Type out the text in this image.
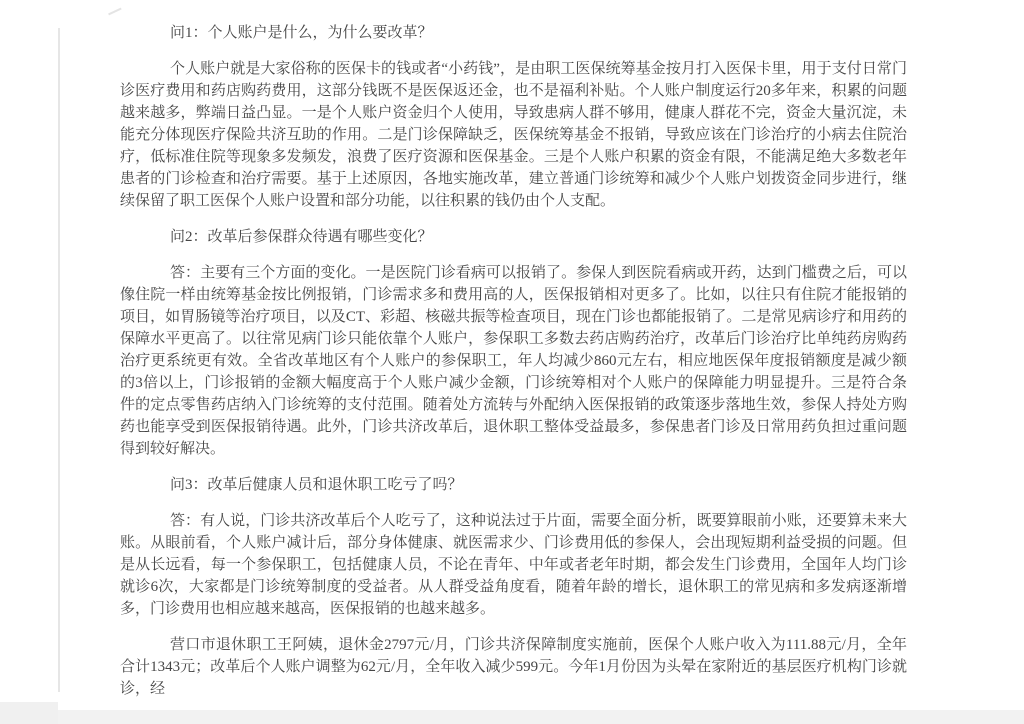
问1：个人账户是什么，为什么要改革？

个人账户就是大家俗称的医保卡的钱或者“小药钱”，是由职工医保统筹基金按月打入医保卡里，用于支付日常门诊医疗费用和药店购药费用，这部分钱既不是医保返还金，也不是福利补贴。个人账户制度运行20多年来，积累的问题越来越多，弊端日益凸显。一是个人账户资金归个人使用，导致患病人群不够用，健康人群花不完，资金大量沉淀，未能充分体现医疗保险共济互助的作用。二是门诊保障缺乏，医保统筹基金不报销，导致应该在门诊治疗的小病去住院治疗，低标准住院等现象多发频发，浪费了医疗资源和医保基金。三是个人账户积累的资金有限，不能满足绝大多数老年患者的门诊检查和治疗需要。基于上述原因，各地实施改革，建立普通门诊统筹和减少个人账户划拨资金同步进行，继续保留了职工医保个人账户设置和部分功能，以往积累的钱仍由个人支配。

问2：改革后参保群众待遇有哪些变化？

答：主要有三个方面的变化。一是医院门诊看病可以报销了。参保人到医院看病或开药，达到门槛费之后，可以像住院一样由统筹基金按比例报销，门诊需求多和费用高的人，医保报销相对更多了。比如，以往只有住院才能报销的项目，如胃肠镜等治疗项目，以及CT、彩超、核磁共振等检查项目，现在门诊也都能报销了。二是常见病诊疗和用药的保障水平更高了。以往常见病门诊只能依靠个人账户，参保职工多数去药店购药治疗，改革后门诊治疗比单纯药房购药治疗更系统更有效。全省改革地区有个人账户的参保职工，年人均减少860元左右，相应地医保年度报销额度是减少额的3倍以上，门诊报销的金额大幅度高于个人账户减少金额，门诊统筹相对个人账户的保障能力明显提升。三是符合条件的定点零售药店纳入门诊统筹的支付范围。随着处方流转与外配纳入医保报销的政策逐步落地生效，参保人持处方购药也能享受到医保报销待遇。此外，门诊共济改革后，退休职工整体受益最多，参保患者门诊及日常用药负担过重问题得到较好解决。

问3：改革后健康人员和退休职工吃亏了吗？

答：有人说，门诊共济改革后个人吃亏了，这种说法过于片面，需要全面分析，既要算眼前小账，还要算未来大账。从眼前看，个人账户减计后，部分身体健康、就医需求少、门诊费用低的参保人，会出现短期利益受损的问题。但是从长远看，每一个参保职工，包括健康人员，不论在青年、中年或者老年时期，都会发生门诊费用，全国年人均门诊就诊6次，大家都是门诊统筹制度的受益者。从人群受益角度看，随着年龄的增长，退休职工的常见病和多发病逐渐增多，门诊费用也相应越来越高，医保报销的也越来越多。

营口市退休职工王阿姨，退休金2797元/月，门诊共济保障制度实施前，医保个人账户收入为111.88元/月，全年合计1343元；改革后个人账户调整为62元/月，全年收入减少599元。今年1月份因为头晕在家附近的基层医疗机构门诊就诊，经
